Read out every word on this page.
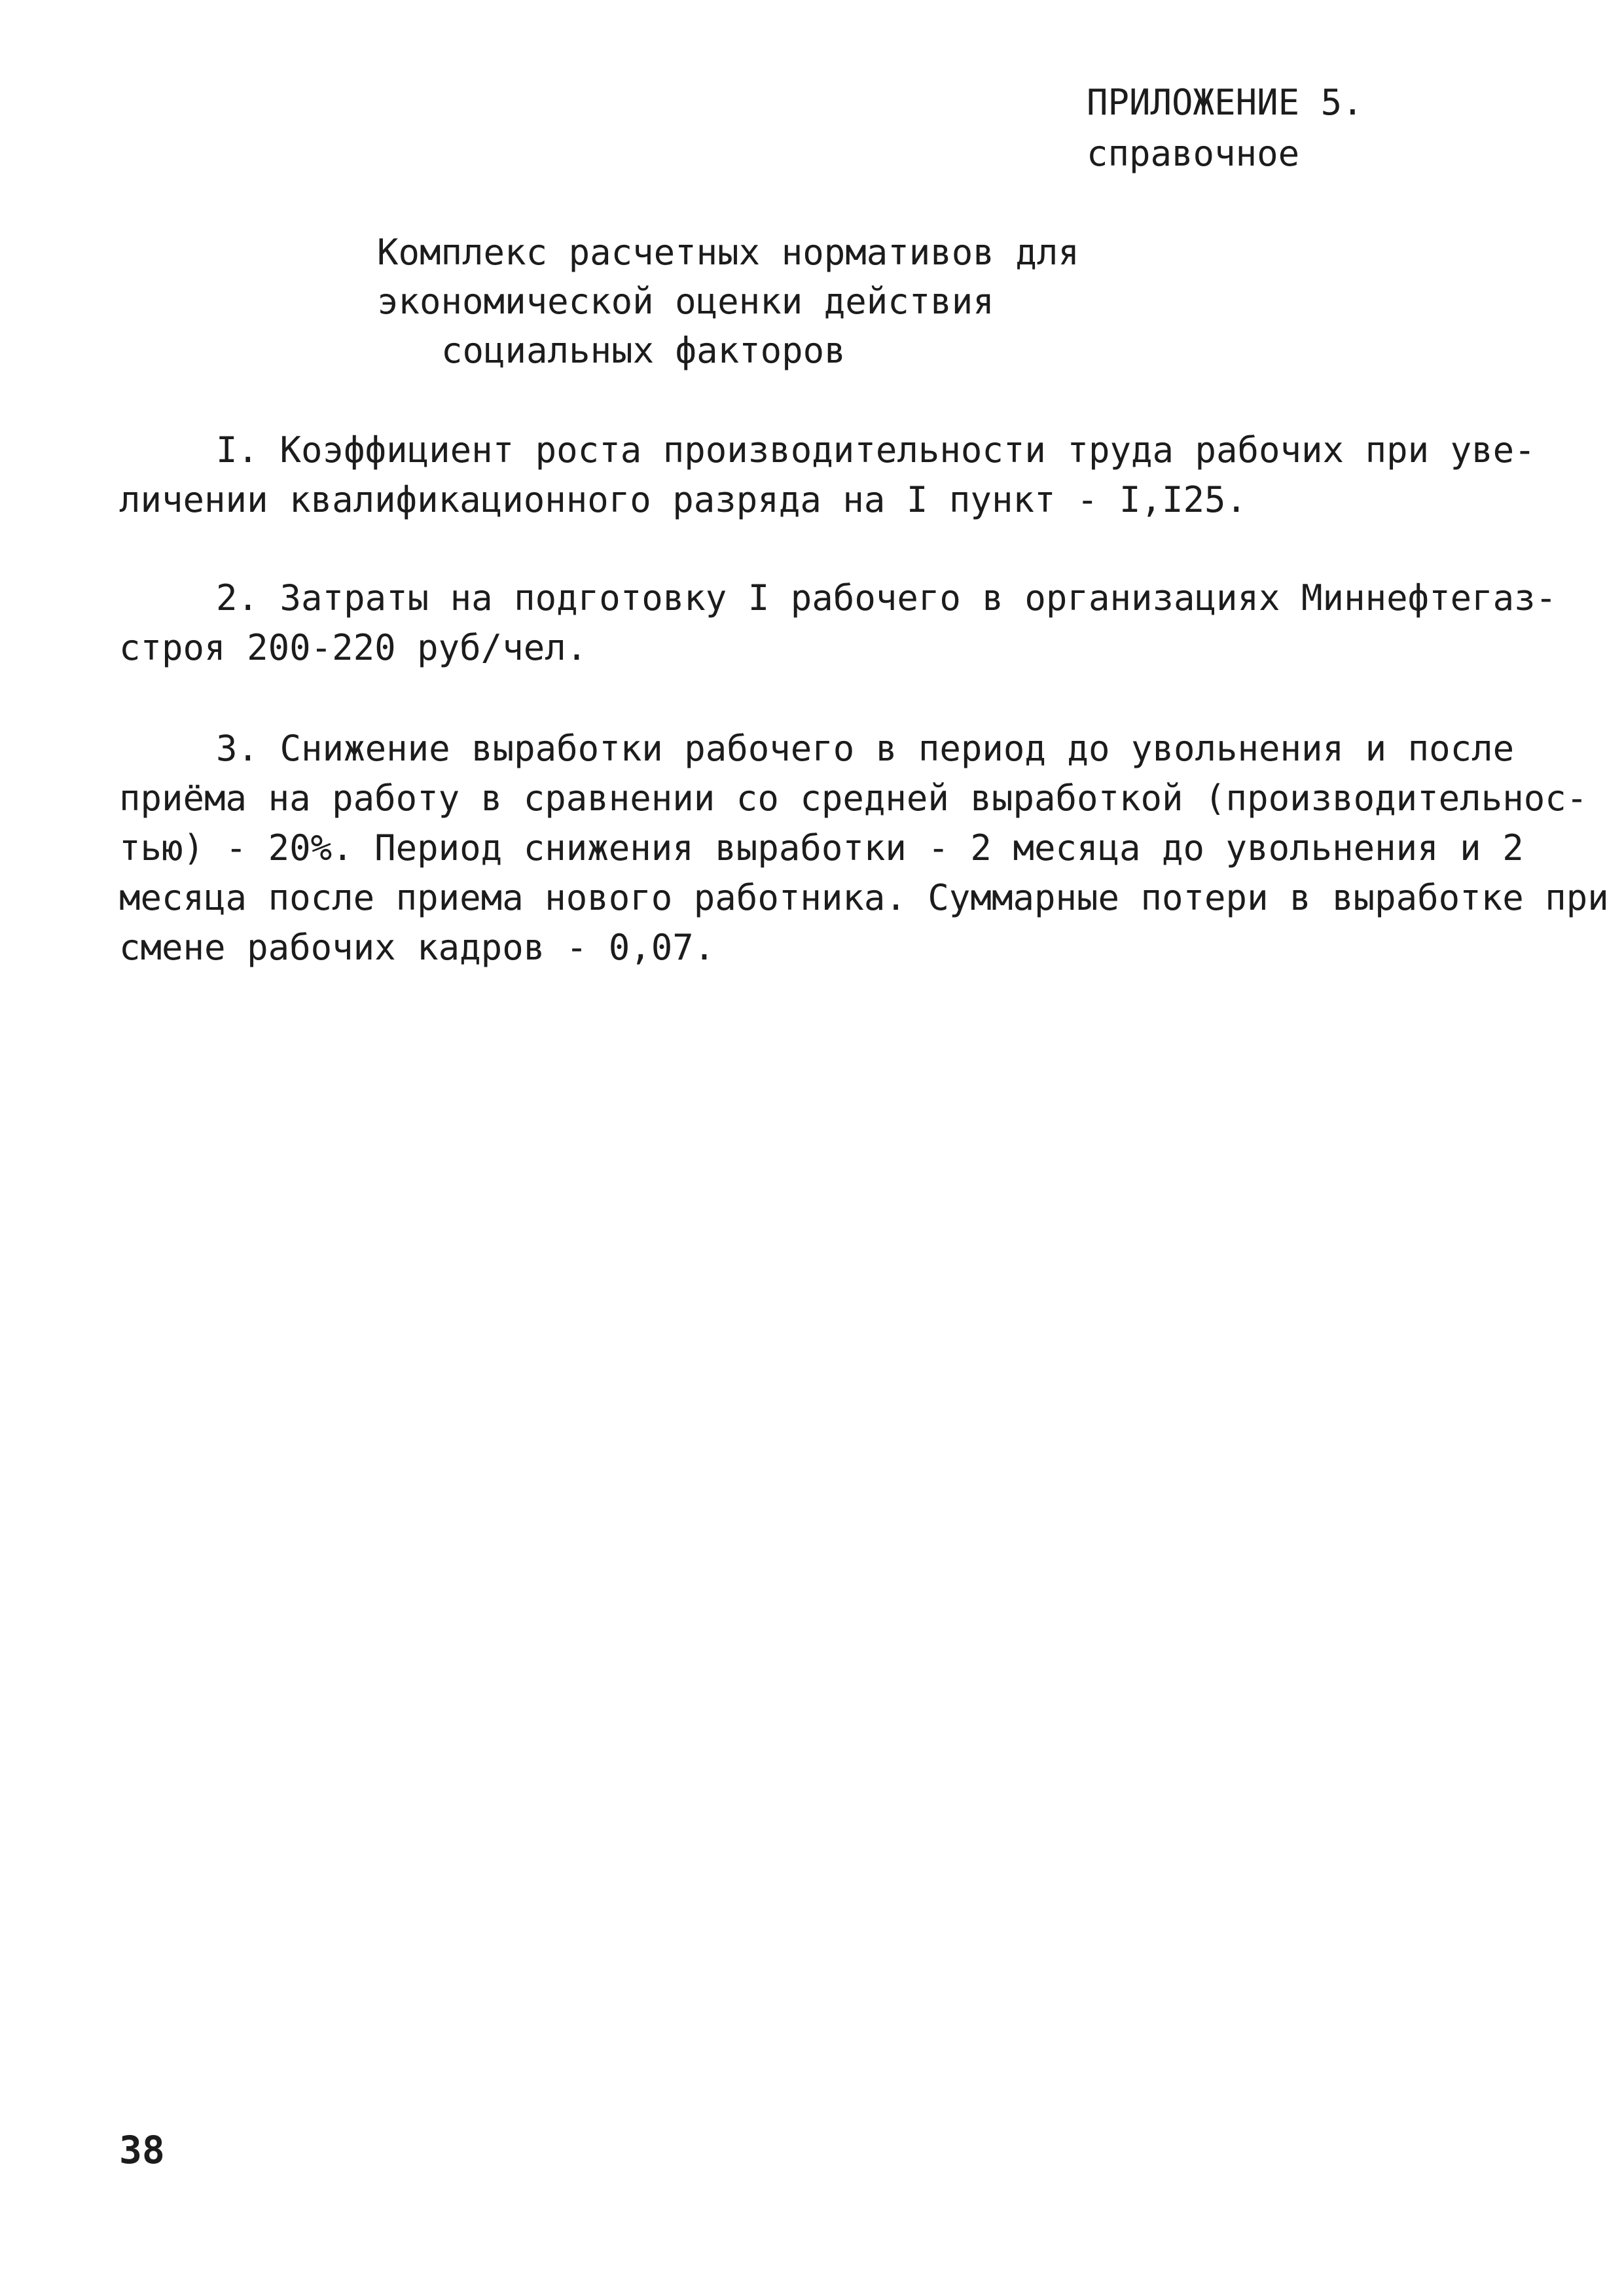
ПРИЛОЖЕНИЕ 5.
справочное
Комплекс расчетных нормативов для
экономической оценки действия
социальных факторов
I. Коэффициент роста производительности труда рабочих при уве-
личении квалификационного разряда на I пункт - I,I25.
2. Затраты на подготовку I рабочего в организациях Миннефтегаз-
строя 200-220 руб/чел.
3. Снижение выработки рабочего в период до увольнения и после
приёма на работу в сравнении со средней выработкой (производительнос-
тью) - 20%. Период снижения выработки - 2 месяца до увольнения и 2
месяца после приема нового работника. Суммарные потери в выработке при
смене рабочих кадров - 0,07.
38
